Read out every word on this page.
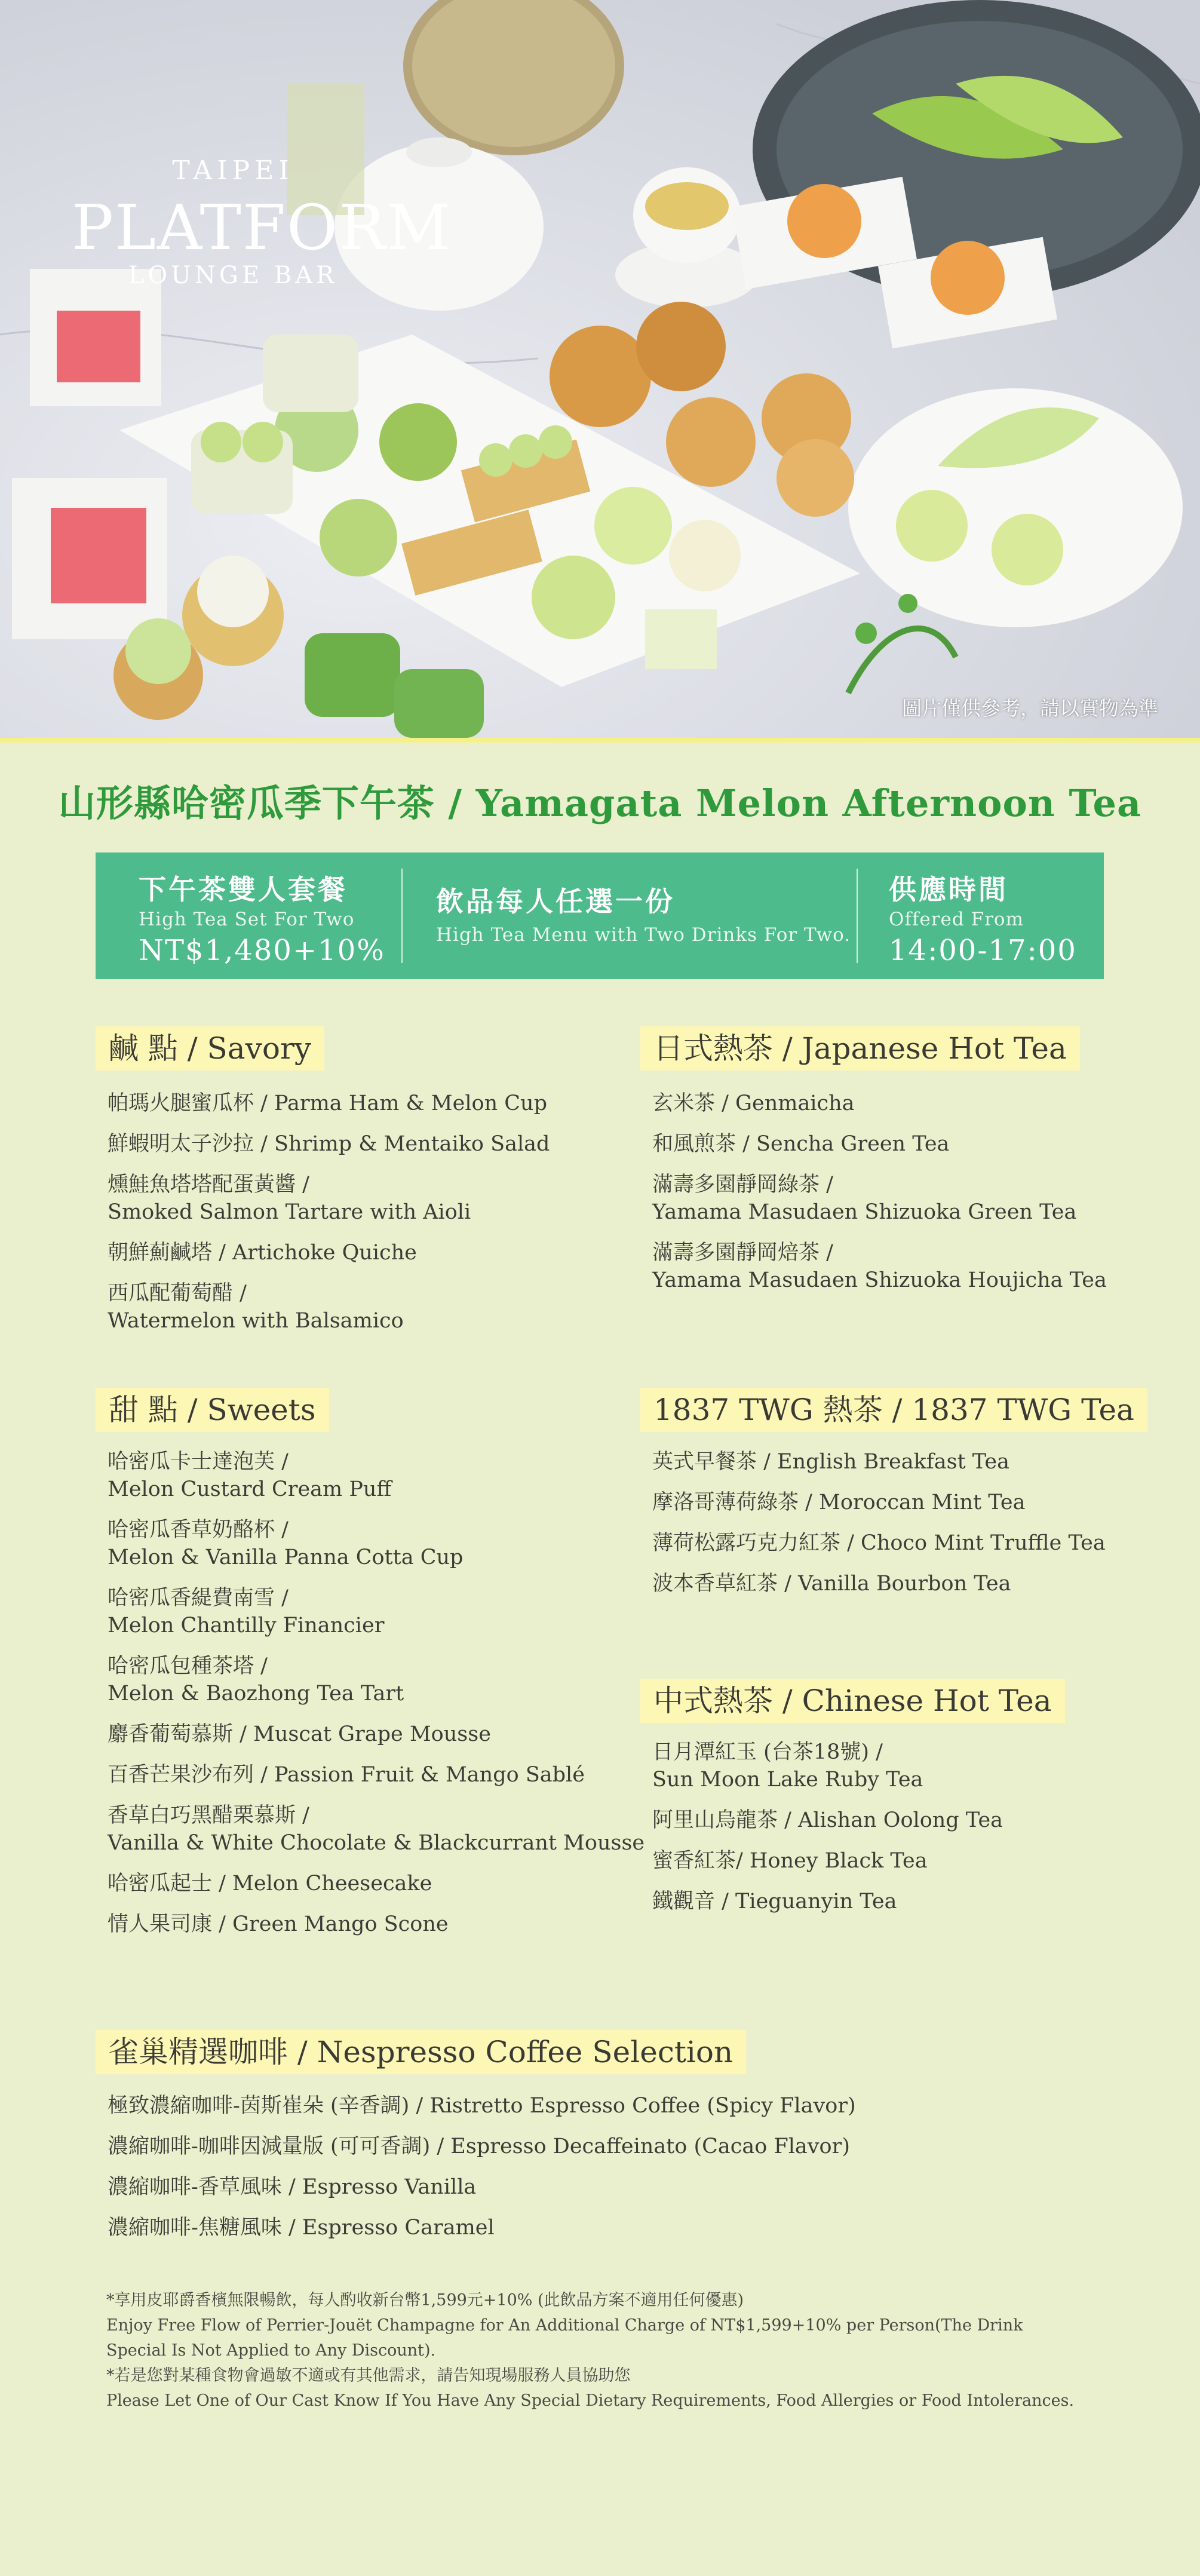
TAIPEI
PLATFORM
LOUNGE BAR
圖片僅供參考，請以實物為準
山形縣哈密瓜季下午茶 / Yamagata Melon Afternoon Tea
下午茶雙人套餐
High Tea Set For Two
NT$1,480+10%
飲品每人任選一份
High Tea Menu with Two Drinks For Two.
供應時間
Offered From
14:00-17:00
鹹 點 / Savory
帕瑪火腿蜜瓜杯 / Parma Ham & Melon Cup
鮮蝦明太子沙拉 / Shrimp & Mentaiko Salad
燻鮭魚塔塔配蛋黃醬 /
Smoked Salmon Tartare with Aioli
朝鮮薊鹹塔 / Artichoke Quiche
西瓜配葡萄醋 /
Watermelon with Balsamico
甜 點 / Sweets
哈密瓜卡士達泡芙 /
Melon Custard Cream Puff
哈密瓜香草奶酪杯 /
Melon & Vanilla Panna Cotta Cup
哈密瓜香緹費南雪 /
Melon Chantilly Financier
哈密瓜包種茶塔 /
Melon & Baozhong Tea Tart
麝香葡萄慕斯 / Muscat Grape Mousse
百香芒果沙布列 / Passion Fruit & Mango Sablé
香草白巧黑醋栗慕斯 /
Vanilla & White Chocolate & Blackcurrant Mousse
哈密瓜起士 / Melon Cheesecake
情人果司康 / Green Mango Scone
日式熱茶 / Japanese Hot Tea
玄米茶 / Genmaicha
和風煎茶 / Sencha Green Tea
滿壽多園靜岡綠茶 /
Yamama Masudaen Shizuoka Green Tea
滿壽多園靜岡焙茶 /
Yamama Masudaen Shizuoka Houjicha Tea
1837 TWG 熱茶 / 1837 TWG Tea
英式早餐茶 / English Breakfast Tea
摩洛哥薄荷綠茶 / Moroccan Mint Tea
薄荷松露巧克力紅茶 / Choco Mint Truffle Tea
波本香草紅茶 / Vanilla Bourbon Tea
中式熱茶 / Chinese Hot Tea
日月潭紅玉 (台茶18號) /
Sun Moon Lake Ruby Tea
阿里山烏龍茶 / Alishan Oolong Tea
蜜香紅茶/ Honey Black Tea
鐵觀音 / Tieguanyin Tea
雀巢精選咖啡 / Nespresso Coffee Selection
極致濃縮咖啡-茵斯崔朵 (辛香調) / Ristretto Espresso Coffee (Spicy Flavor)
濃縮咖啡-咖啡因減量版 (可可香調) / Espresso Decaffeinato (Cacao Flavor)
濃縮咖啡-香草風味 / Espresso Vanilla
濃縮咖啡-焦糖風味 / Espresso Caramel
*享用皮耶爵香檳無限暢飲，每人酌收新台幣1,599元+10% (此飲品方案不適用任何優惠)
Enjoy Free Flow of Perrier-Jouët Champagne for An Additional Charge of NT$1,599+10% per Person(The Drink Special Is Not Applied to Any Discount).
*若是您對某種食物會過敏不適或有其他需求，請告知現場服務人員協助您
Please Let One of Our Cast Know If You Have Any Special Dietary Requirements, Food Allergies or Food Intolerances.
